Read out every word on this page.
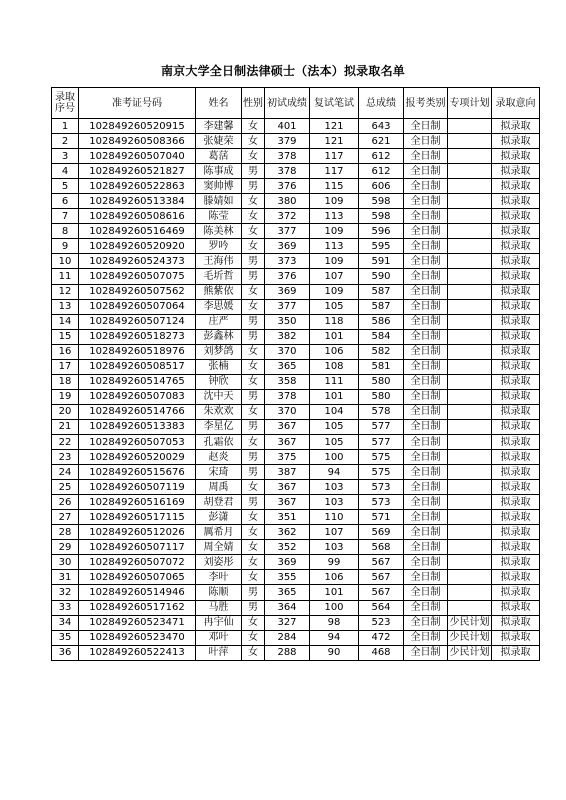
南京大学全日制法律硕士（法本）拟录取名单
录取序号	准考证号码	姓名	性别	初试成绩	复试笔试	总成绩	报考类别	专项计划	录取意向
1	102849260520915	李建馨	女	401	121	643	全日制		拟录取
2	102849260508366	张婕荣	女	379	121	621	全日制		拟录取
3	102849260507040	葛萿	女	378	117	612	全日制		拟录取
4	102849260521827	陈事成	男	378	117	612	全日制		拟录取
5	102849260522863	窦帅博	男	376	115	606	全日制		拟录取
6	102849260513384	滕婧如	女	380	109	598	全日制		拟录取
7	102849260508616	陈莹	女	372	113	598	全日制		拟录取
8	102849260516469	陈美林	女	377	109	596	全日制		拟录取
9	102849260520920	罗吟	女	369	113	595	全日制		拟录取
10	102849260524373	王海伟	男	373	109	591	全日制		拟录取
11	102849260507075	毛圻哲	男	376	107	590	全日制		拟录取
12	102849260507562	熊紫依	女	369	109	587	全日制		拟录取
13	102849260507064	李思媛	女	377	105	587	全日制		拟录取
14	102849260507124	庄严	男	350	118	586	全日制		拟录取
15	102849260518273	彭鑫林	男	382	101	584	全日制		拟录取
16	102849260518976	刘梦鸽	女	370	106	582	全日制		拟录取
17	102849260508517	张楠	女	365	108	581	全日制		拟录取
18	102849260514765	钟欣	女	358	111	580	全日制		拟录取
19	102849260507083	沈中天	男	378	101	580	全日制		拟录取
20	102849260514766	朱欢欢	女	370	104	578	全日制		拟录取
21	102849260513383	李星亿	男	367	105	577	全日制		拟录取
22	102849260507053	孔霜依	女	367	105	577	全日制		拟录取
23	102849260520029	赵炎	男	375	100	575	全日制		拟录取
24	102849260515676	宋琦	男	387	94	575	全日制		拟录取
25	102849260507119	周禹	女	367	103	573	全日制		拟录取
26	102849260516169	胡登君	男	367	103	573	全日制		拟录取
27	102849260517115	彭潇	女	351	110	571	全日制		拟录取
28	102849260512026	厲希月	女	362	107	569	全日制		拟录取
29	102849260507117	周全婧	女	352	103	568	全日制		拟录取
30	102849260507072	刘姿彤	女	369	99	567	全日制		拟录取
31	102849260507065	李叶	女	355	106	567	全日制		拟录取
32	102849260514946	陈顺	男	365	101	567	全日制		拟录取
33	102849260517162	马胜	男	364	100	564	全日制		拟录取
34	102849260523471	冉宇仙	女	327	98	523	全日制	少民计划	拟录取
35	102849260523470	邓叶	女	284	94	472	全日制	少民计划	拟录取
36	102849260522413	叶萍	女	288	90	468	全日制	少民计划	拟录取
